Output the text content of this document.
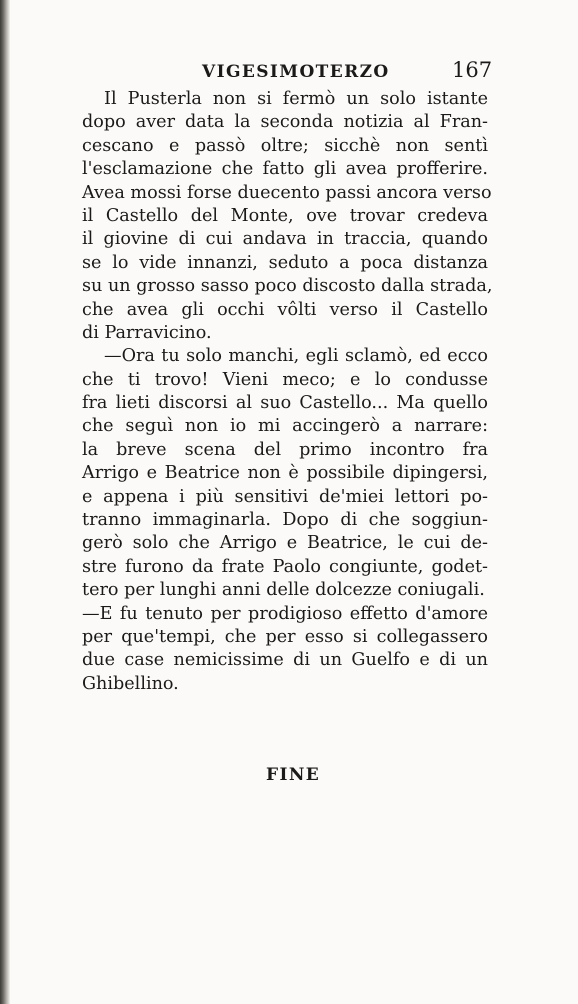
VIGESIMOTERZO	167
Il Pusterla non si fermò un solo istante
dopo aver data la seconda notizia al Fran-
cescano e passò oltre; sicchè non sentì
l'esclamazione che fatto gli avea profferire.
Avea mossi forse duecento passi ancora verso
il Castello del Monte, ove trovar credeva
il giovine di cui andava in traccia, quando
se lo vide innanzi, seduto a poca distanza
su un grosso sasso poco discosto dalla strada,
che avea gli occhi vôlti verso il Castello
di Parravicino.
—Ora tu solo manchi, egli sclamò, ed ecco
che ti trovo! Vieni meco; e lo condusse
fra lieti discorsi al suo Castello... Ma quello
che seguì non io mi accingerò a narrare:
la breve scena del primo incontro fra
Arrigo e Beatrice non è possibile dipingersi,
e appena i più sensitivi de'miei lettori po-
tranno immaginarla. Dopo di che soggiun-
gerò solo che Arrigo e Beatrice, le cui de-
stre furono da frate Paolo congiunte, godet-
tero per lunghi anni delle dolcezze coniugali.
—E fu tenuto per prodigioso effetto d'amore
per que'tempi, che per esso si collegassero
due case nemicissime di un Guelfo e di un
Ghibellino.
FINE
